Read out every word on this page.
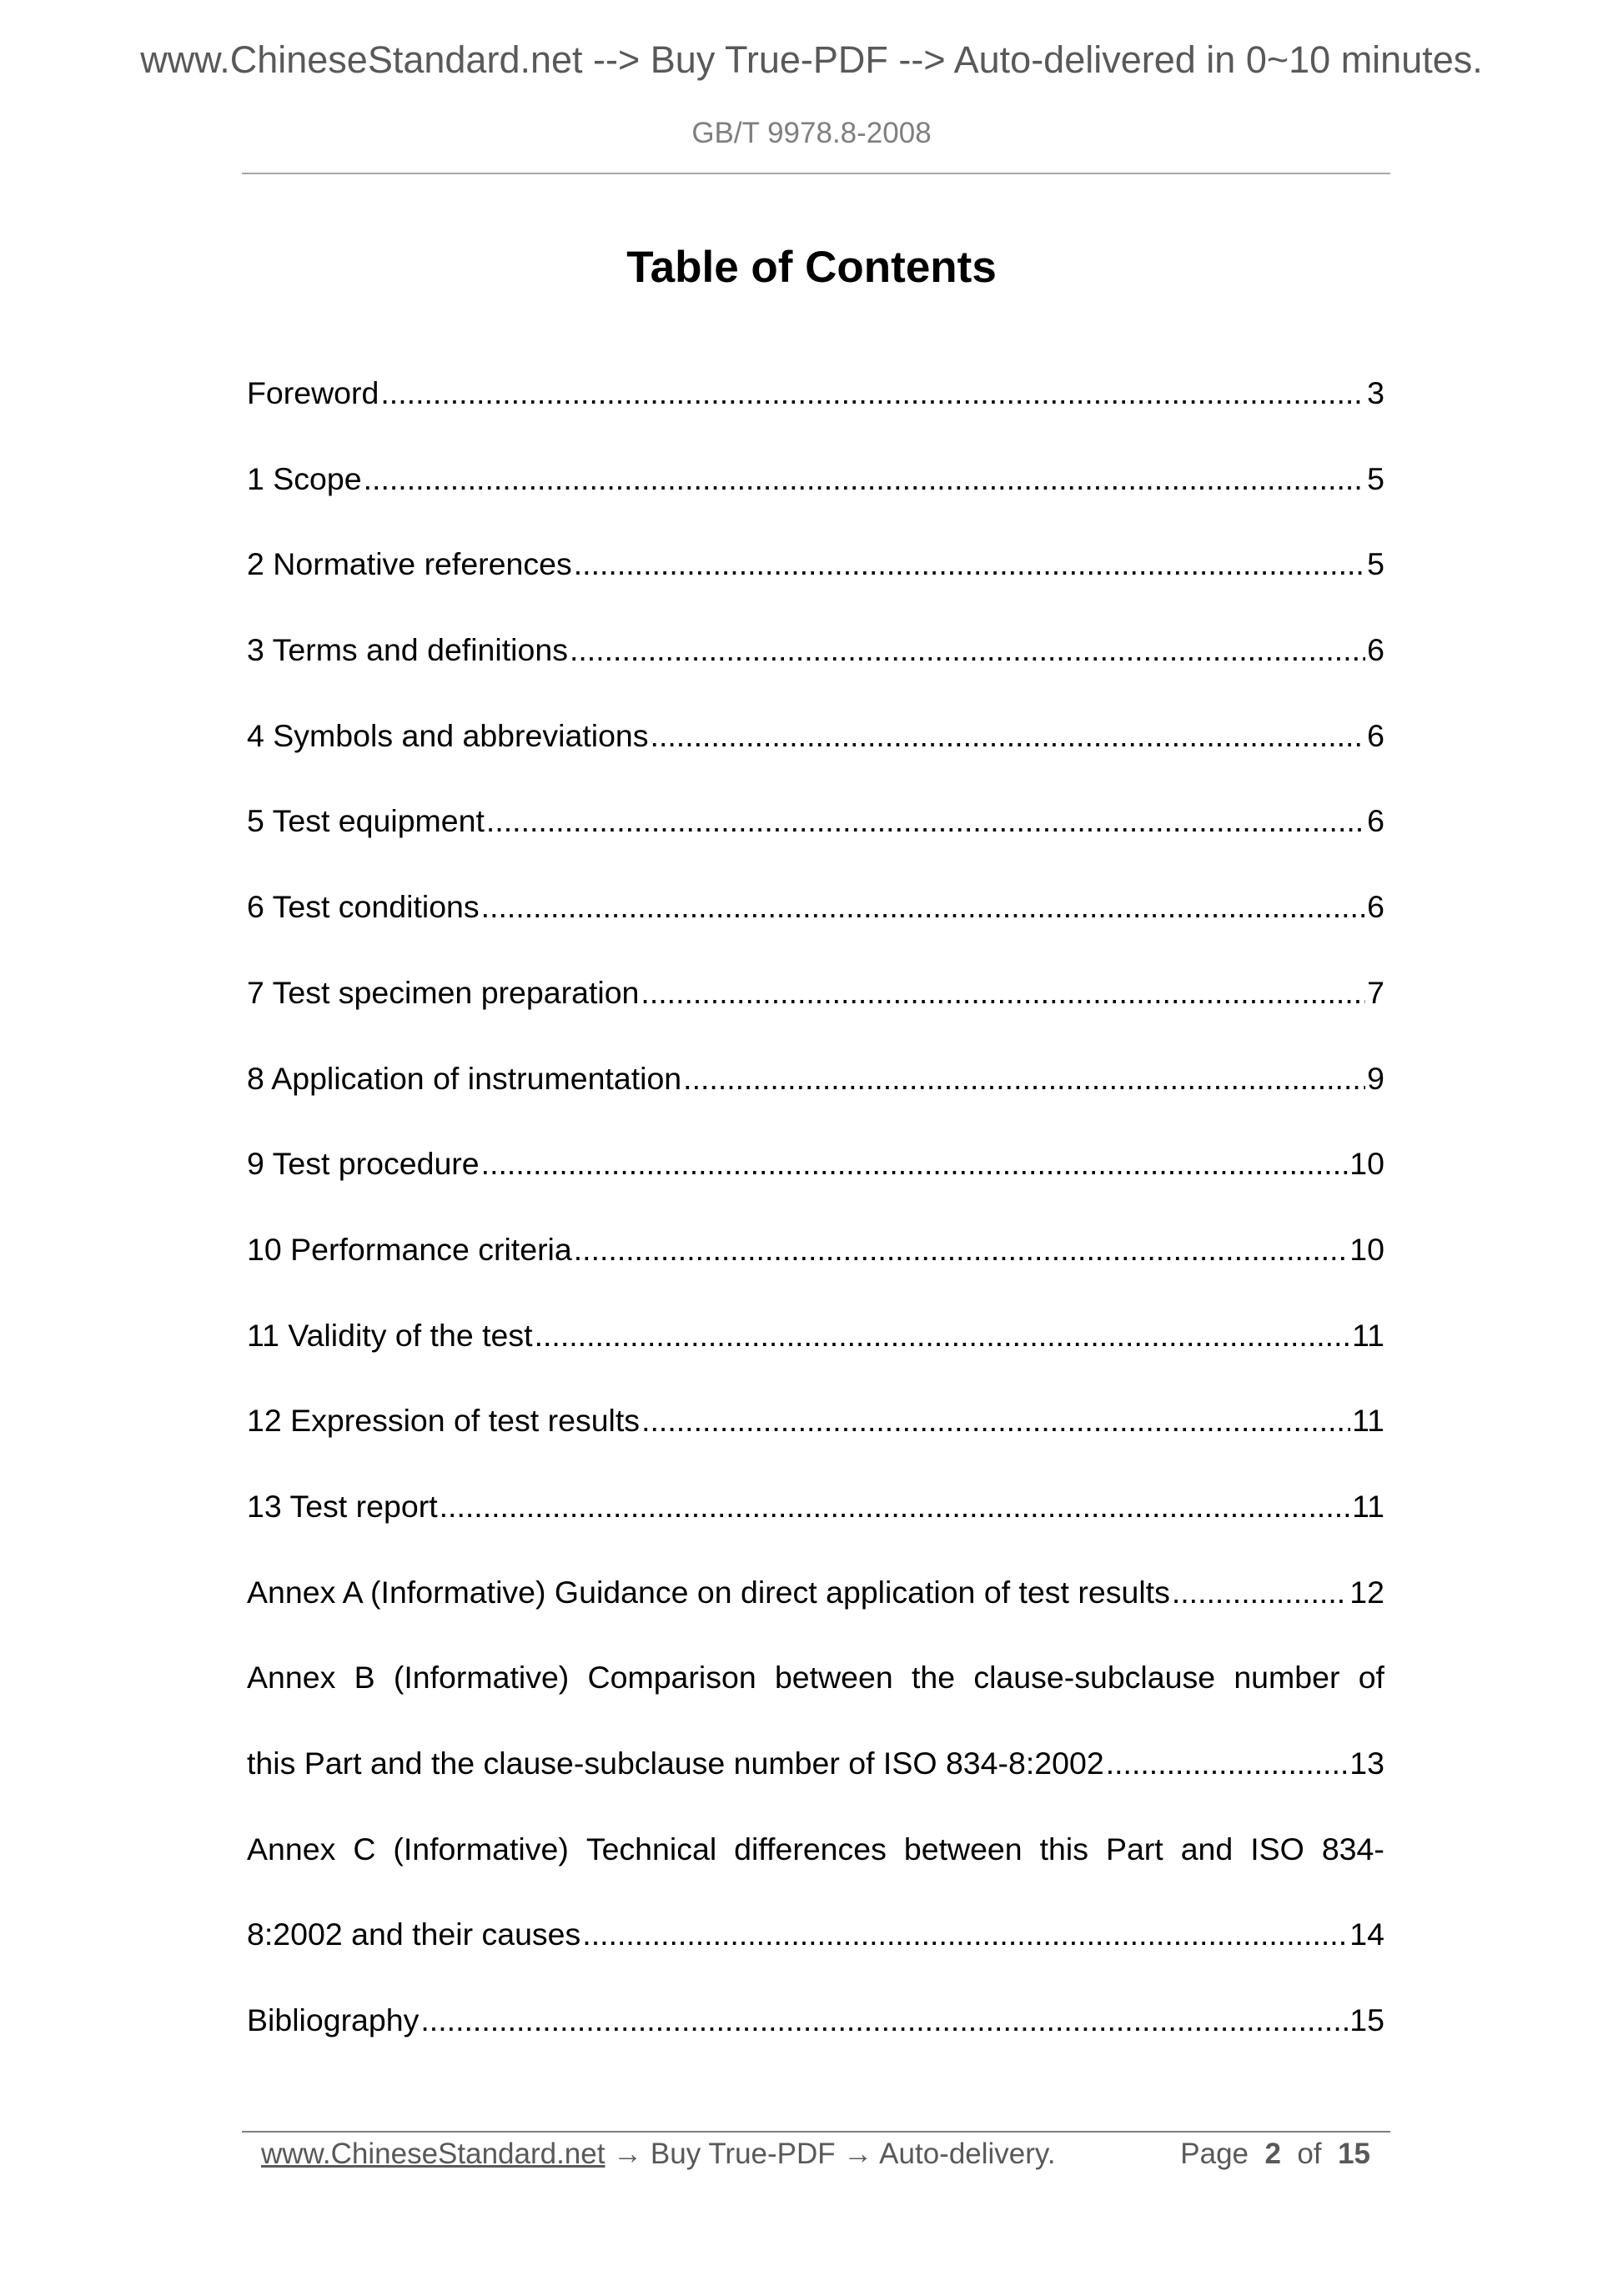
www.ChineseStandard.net --> Buy True-PDF --> Auto-delivered in 0~10 minutes.
GB/T 9978.8-2008
Table of Contents
Foreword .....	3
1 Scope .....	5
2 Normative references .....	5
3 Terms and definitions .....	6
4 Symbols and abbreviations .....	6
5 Test equipment .....	6
6 Test conditions .....	6
7 Test specimen preparation .....	7
8 Application of instrumentation .....	9
9 Test procedure .....	10
10 Performance criteria .....	10
11 Validity of the test .....	11
12 Expression of test results .....	11
13 Test report .....	11
Annex A (Informative) Guidance on direct application of test results .....	12
Annex B (Informative) Comparison between the clause-subclause number of
this Part and the clause-subclause number of ISO 834-8:2002 .....	13
Annex C (Informative) Technical differences between this Part and ISO 834-
8:2002 and their causes .....	14
Bibliography .....	15
www.ChineseStandard.net → Buy True-PDF → Auto-delivery.	Page 2 of 15
